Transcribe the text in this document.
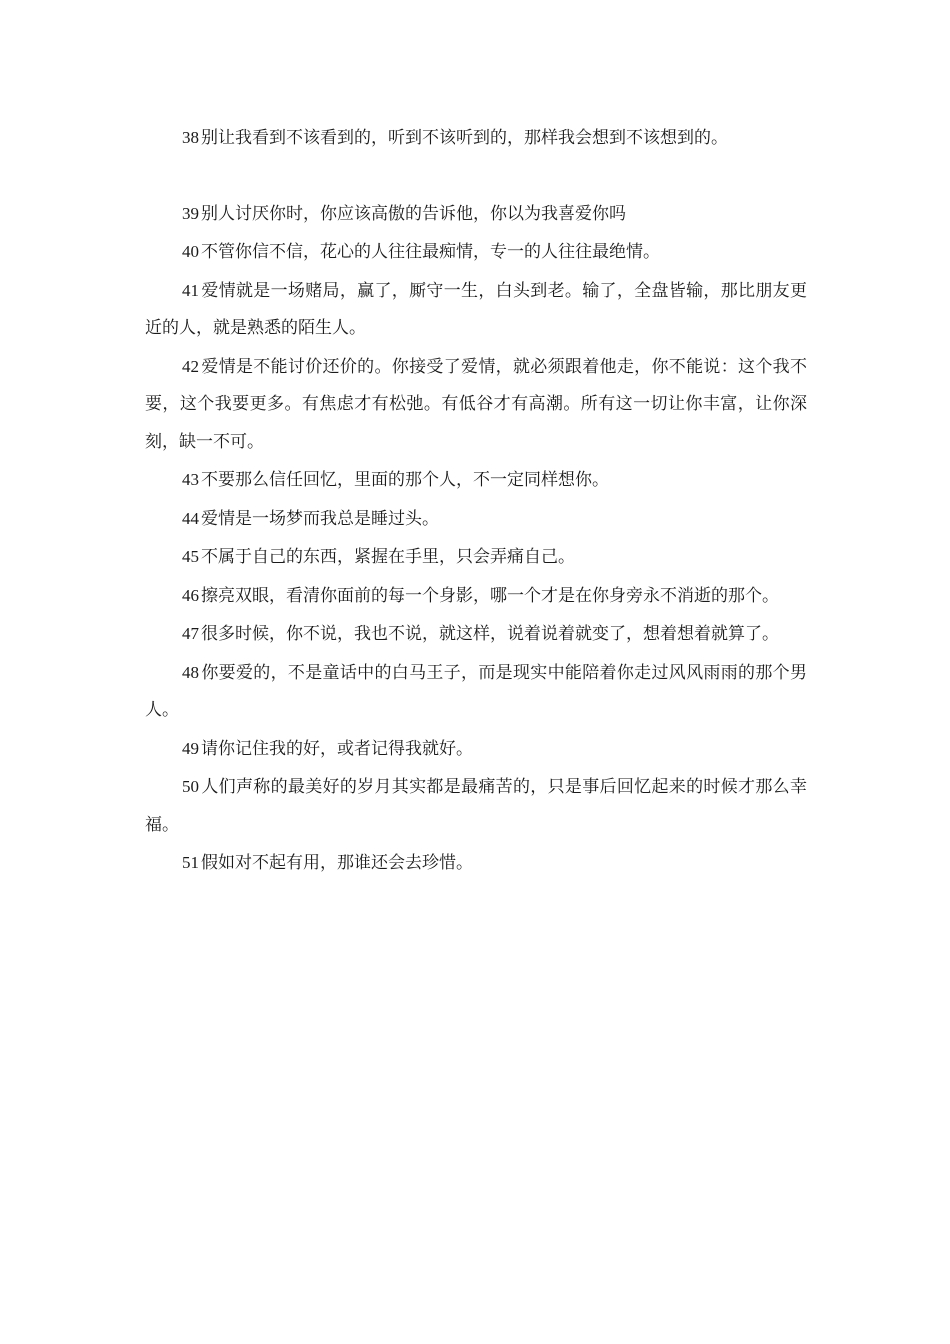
38 别让我看到不该看到的，听到不该听到的，那样我会想到不该想到的。

39 别人讨厌你时，你应该高傲的告诉他，你以为我喜爱你吗

40 不管你信不信，花心的人往往最痴情，专一的人往往最绝情。

41 爱情就是一场赌局，赢了，厮守一生，白头到老。输了，全盘皆输，那比朋友更近的人，就是熟悉的陌生人。

42 爱情是不能讨价还价的。你接受了爱情，就必须跟着他走，你不能说：这个我不要，这个我要更多。有焦虑才有松弛。有低谷才有高潮。所有这一切让你丰富，让你深刻，缺一不可。

43 不要那么信任回忆，里面的那个人，不一定同样想你。

44 爱情是一场梦而我总是睡过头。

45 不属于自己的东西，紧握在手里，只会弄痛自己。

46 擦亮双眼，看清你面前的每一个身影，哪一个才是在你身旁永不消逝的那个。

47 很多时候，你不说，我也不说，就这样，说着说着就变了，想着想着就算了。

48 你要爱的，不是童话中的白马王子，而是现实中能陪着你走过风风雨雨的那个男人。

49 请你记住我的好，或者记得我就好。

50 人们声称的最美好的岁月其实都是最痛苦的，只是事后回忆起来的时候才那么幸福。

51 假如对不起有用，那谁还会去珍惜。
